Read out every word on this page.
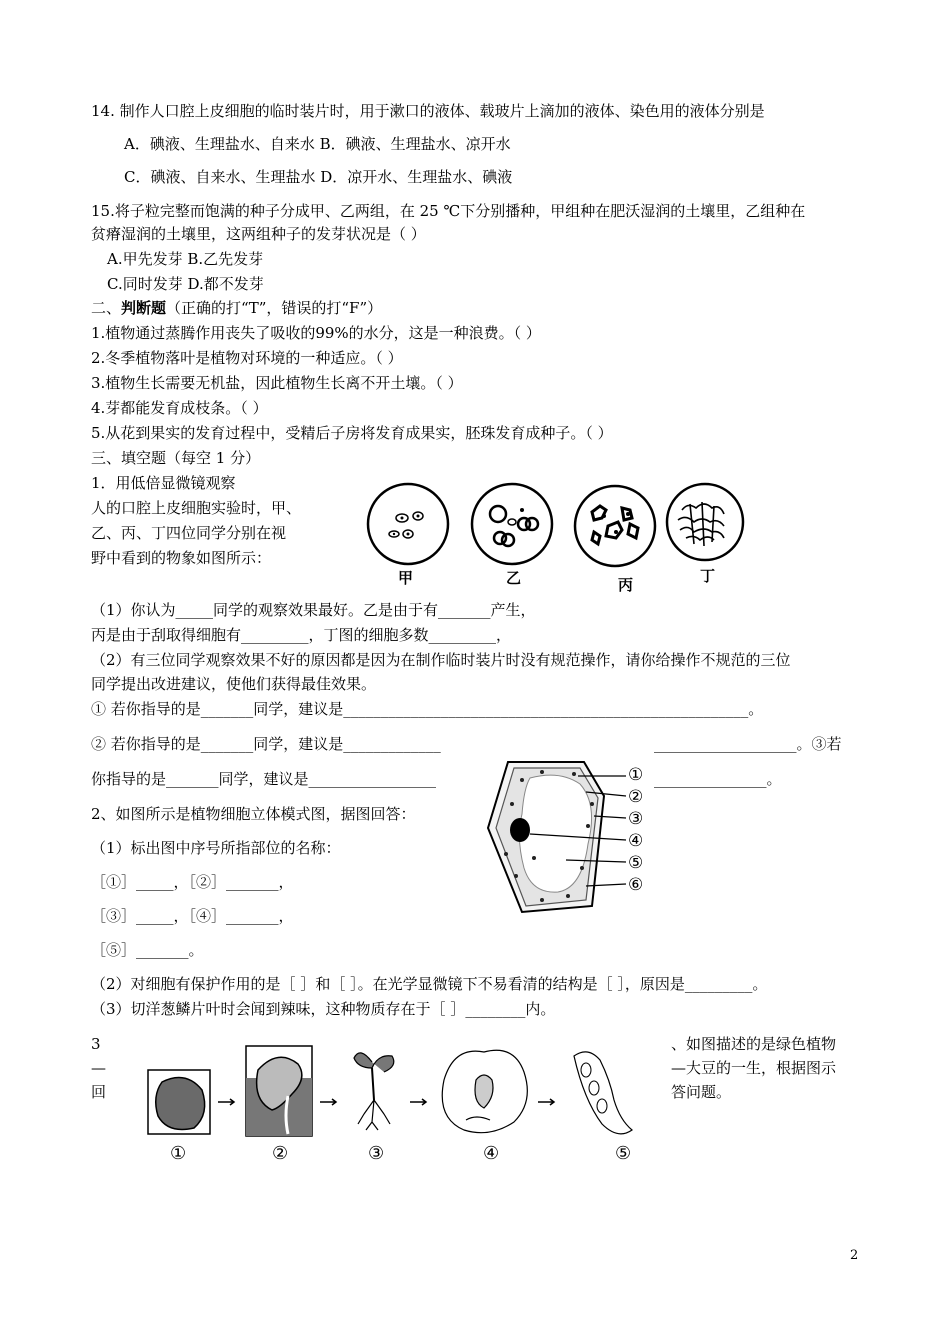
14. 制作人口腔上皮细胞的临时装片时，用于漱口的液体、载玻片上滴加的液体、染色用的液体分别是
A．碘液、生理盐水、自来水 B．碘液、生理盐水、凉开水
C．碘液、自来水、生理盐水 D．凉开水、生理盐水、碘液
15.将子粒完整而饱满的种子分成甲、乙两组，在 25 ℃下分别播种，甲组种在肥沃湿润的土壤里，乙组种在
贫瘠湿润的土壤里，这两组种子的发芽状况是（ ）
A.甲先发芽 B.乙先发芽
C.同时发芽 D.都不发芽
二、判断题（正确的打“T”，错误的打“F”）
1.植物通过蒸腾作用丧失了吸收的99%的水分，这是一种浪费。（ ）
2.冬季植物落叶是植物对环境的一种适应。（ ）
3.植物生长需要无机盐，因此植物生长离不开土壤。（ ）
4.芽都能发育成枝条。（ ）
5.从花到果实的发育过程中，受精后子房将发育成果实，胚珠发育成种子。（ ）
三、填空题（每空 1 分）
1．用低倍显微镜观察
人的口腔上皮细胞实验时，甲、
乙、丙、丁四位同学分别在视
野中看到的物象如图所示：
甲	乙	丙	丁
（1）你认为_____同学的观察效果最好。乙是由于有_______产生，
丙是由于刮取得细胞有_________，丁图的细胞多数_________，
（2）有三位同学观察效果不好的原因都是因为在制作临时装片时没有规范操作，请你给操作不规范的三位
同学提出改进建议，使他们获得最佳效果。
① 若你指导的是_______同学，建议是______________________________________________________。
② 若你指导的是_______同学，建议是_____________	___________________。③若
你指导的是_______同学，建议是_________________	_______________。
2、如图所示是植物细胞立体模式图，据图回答：
（1）标出图中序号所指部位的名称：
［①］_____，［②］_______，
［③］_____，［④］_______，
［⑤］_______。
①
②
③
④
⑤
⑥
（2）对细胞有保护作用的是［ ］和［ ］。在光学显微镜下不易看清的结构是［ ］，原因是_________。
（3）切洋葱鳞片叶时会闻到辣味，这种物质存在于［ ］________内。
3
—
回
、如图描述的是绿色植物
—大豆的一生，根据图示
答问题。
①	②	③	④	⑤
2
